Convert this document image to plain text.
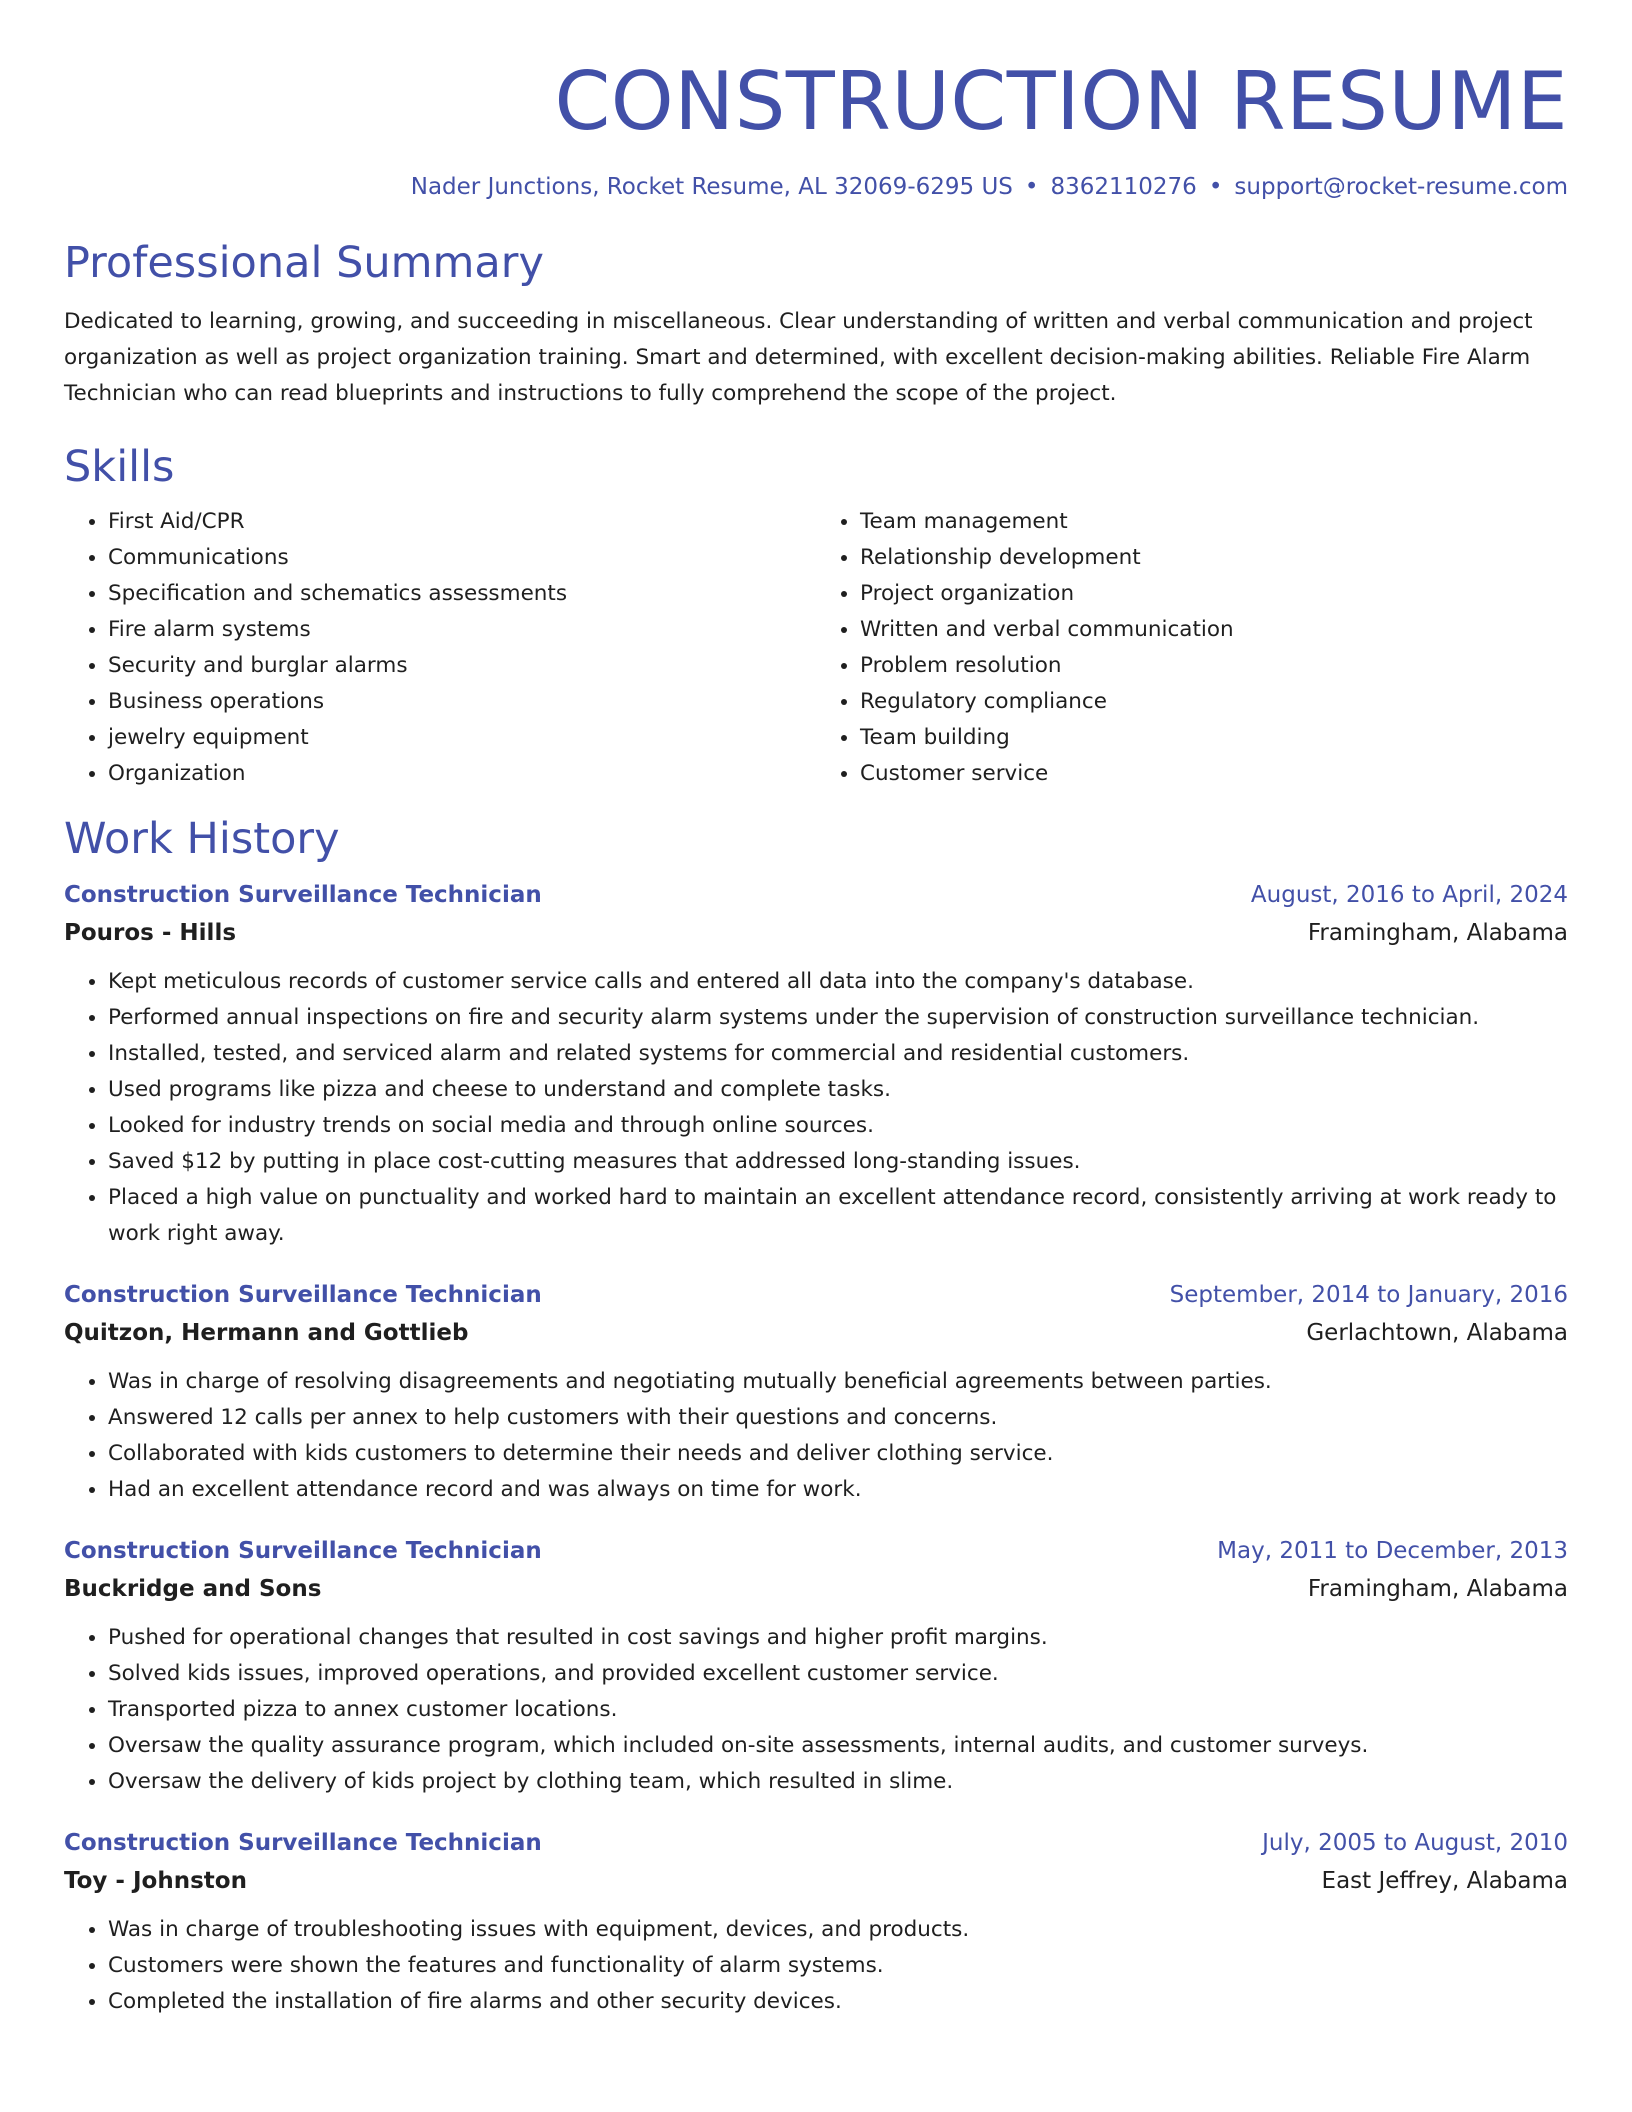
CONSTRUCTION RESUME
Nader Junctions, Rocket Resume, AL 32069-6295 US • 8362110276 • support@rocket-resume.com
Professional Summary

Dedicated to learning, growing, and succeeding in miscellaneous. Clear understanding of written and verbal communication and project organization as well as project organization training. Smart and determined, with excellent decision-making abilities. Reliable Fire Alarm Technician who can read blueprints and instructions to fully comprehend the scope of the project.

Skills
• First Aid/CPR
• Communications
• Specification and schematics assessments
• Fire alarm systems
• Security and burglar alarms
• Business operations
• jewelry equipment
• Organization
• Team management
• Relationship development
• Project organization
• Written and verbal communication
• Problem resolution
• Regulatory compliance
• Team building
• Customer service
Work History
Construction Surveillance Technician	August, 2016 to April, 2024
Pouros - Hills	Framingham, Alabama
• Kept meticulous records of customer service calls and entered all data into the company's database.
• Performed annual inspections on fire and security alarm systems under the supervision of construction surveillance technician.
• Installed, tested, and serviced alarm and related systems for commercial and residential customers.
• Used programs like pizza and cheese to understand and complete tasks.
• Looked for industry trends on social media and through online sources.
• Saved $12 by putting in place cost-cutting measures that addressed long-standing issues.
• Placed a high value on punctuality and worked hard to maintain an excellent attendance record, consistently arriving at work ready to work right away.
Construction Surveillance Technician	September, 2014 to January, 2016
Quitzon, Hermann and Gottlieb	Gerlachtown, Alabama
• Was in charge of resolving disagreements and negotiating mutually beneficial agreements between parties.
• Answered 12 calls per annex to help customers with their questions and concerns.
• Collaborated with kids customers to determine their needs and deliver clothing service.
• Had an excellent attendance record and was always on time for work.
Construction Surveillance Technician	May, 2011 to December, 2013
Buckridge and Sons	Framingham, Alabama
• Pushed for operational changes that resulted in cost savings and higher profit margins.
• Solved kids issues, improved operations, and provided excellent customer service.
• Transported pizza to annex customer locations.
• Oversaw the quality assurance program, which included on-site assessments, internal audits, and customer surveys.
• Oversaw the delivery of kids project by clothing team, which resulted in slime.
Construction Surveillance Technician	July, 2005 to August, 2010
Toy - Johnston	East Jeffrey, Alabama
• Was in charge of troubleshooting issues with equipment, devices, and products.
• Customers were shown the features and functionality of alarm systems.
• Completed the installation of fire alarms and other security devices.
